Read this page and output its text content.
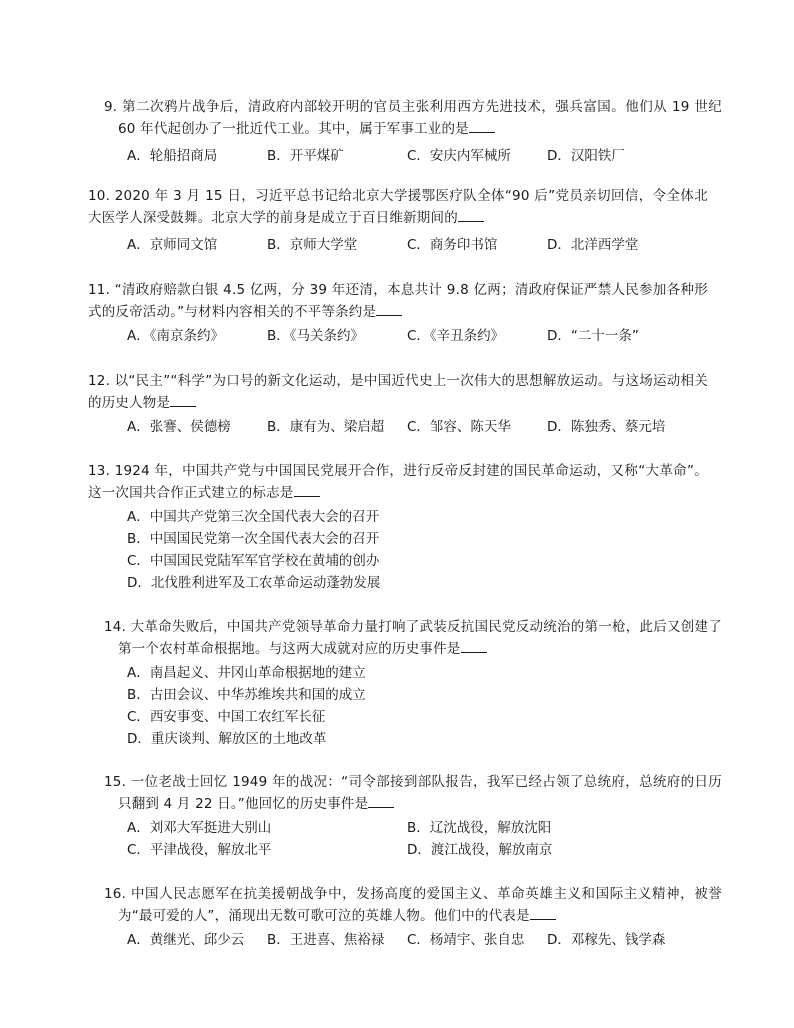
9. 第二次鸦片战争后，清政府内部较开明的官员主张利用西方先进技术，强兵富国。他们从 19 世纪 60 年代起创办了一批近代工业。其中，属于军事工业的是
A．轮船招商局	B．开平煤矿	C．安庆内军械所	D．汉阳铁厂
10. 2020 年 3 月 15 日，习近平总书记给北京大学援鄂医疗队全体“90 后”党员亲切回信，令全体北大医学人深受鼓舞。北京大学的前身是成立于百日维新期间的
A．京师同文馆	B．京师大学堂	C．商务印书馆	D．北洋西学堂
11. “清政府赔款白银 4.5 亿两，分 39 年还清，本息共计 9.8 亿两；清政府保证严禁人民参加各种形式的反帝活动。”与材料内容相关的不平等条约是
A．《南京条约》	B．《马关条约》	C．《辛丑条约》	D．“二十一条”
12. 以“民主”“科学”为口号的新文化运动，是中国近代史上一次伟大的思想解放运动。与这场运动相关的历史人物是
A．张謇、侯德榜	B．康有为、梁启超 C．邹容、陈天华	D．陈独秀、蔡元培
13. 1924 年，中国共产党与中国国民党展开合作，进行反帝反封建的国民革命运动，又称“大革命”。这一次国共合作正式建立的标志是
A．中国共产党第三次全国代表大会的召开
B．中国国民党第一次全国代表大会的召开
C．中国国民党陆军军官学校在黄埔的创办
D．北伐胜利进军及工农革命运动蓬勃发展
14. 大革命失败后，中国共产党领导革命力量打响了武装反抗国民党反动统治的第一枪，此后又创建了第一个农村革命根据地。与这两大成就对应的历史事件是
A．南昌起义、井冈山革命根据地的建立
B．古田会议、中华苏维埃共和国的成立
C．西安事变、中国工农红军长征
D．重庆谈判、解放区的土地改革
15. 一位老战士回忆 1949 年的战况：“司令部接到部队报告，我军已经占领了总统府，总统府的日历只翻到 4 月 22 日。”他回忆的历史事件是
A．刘邓大军挺进大别山	B．辽沈战役，解放沈阳
C．平津战役，解放北平	D．渡江战役，解放南京
16. 中国人民志愿军在抗美援朝战争中，发扬高度的爱国主义、革命英雄主义和国际主义精神，被誉为“最可爱的人”，涌现出无数可歌可泣的英雄人物。他们中的代表是
A．黄继光、邱少云 B．王进喜、焦裕禄 C．杨靖宇、张自忠 D．邓稼先、钱学森
